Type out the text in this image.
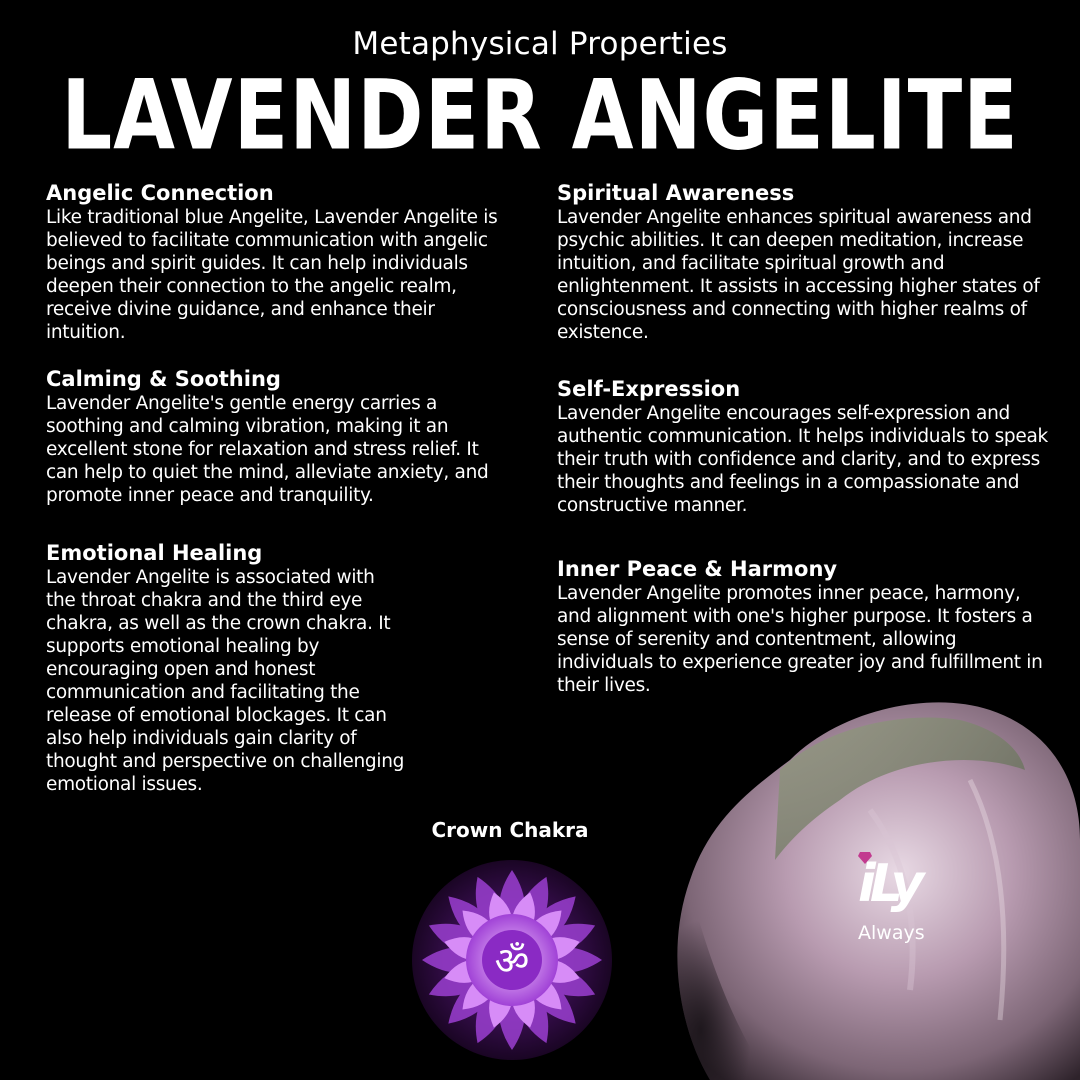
Metaphysical Properties
LAVENDER ANGELITE
Angelic Connection

Like traditional blue Angelite, Lavender Angelite is believed to facilitate communication with angelic beings and spirit guides. It can help individuals deepen their connection to the angelic realm, receive divine guidance, and enhance their intuition.

Calming & Soothing

Lavender Angelite's gentle energy carries a soothing and calming vibration, making it an excellent stone for relaxation and stress relief. It can help to quiet the mind, alleviate anxiety, and promote inner peace and tranquility.

Emotional Healing

Lavender Angelite is associated with the throat chakra and the third eye chakra, as well as the crown chakra. It supports emotional healing by encouraging open and honest communication and facilitating the release of emotional blockages. It can also help individuals gain clarity of thought and perspective on challenging emotional issues.

Spiritual Awareness

Lavender Angelite enhances spiritual awareness and psychic abilities. It can deepen meditation, increase intuition, and facilitate spiritual growth and enlightenment. It assists in accessing higher states of consciousness and connecting with higher realms of existence.

Self-Expression

Lavender Angelite encourages self-expression and authentic communication. It helps individuals to speak their truth with confidence and clarity, and to express their thoughts and feelings in a compassionate and constructive manner.

Inner Peace & Harmony

Lavender Angelite promotes inner peace, harmony, and alignment with one's higher purpose. It fosters a sense of serenity and contentment, allowing individuals to experience greater joy and fulfillment in their lives.

iLy
Always
Crown Chakra
ॐ
